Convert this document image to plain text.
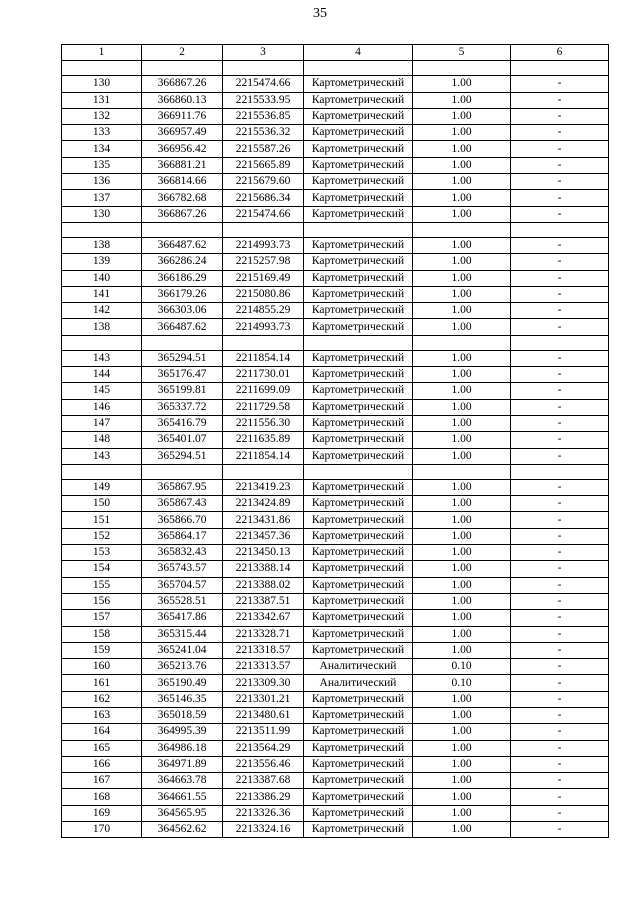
35
1	2	3	4	5	6

130	366867.26	2215474.66	Картометрический	1.00	-
131	366860.13	2215533.95	Картометрический	1.00	-
132	366911.76	2215536.85	Картометрический	1.00	-
133	366957.49	2215536.32	Картометрический	1.00	-
134	366956.42	2215587.26	Картометрический	1.00	-
135	366881.21	2215665.89	Картометрический	1.00	-
136	366814.66	2215679.60	Картометрический	1.00	-
137	366782.68	2215686.34	Картометрический	1.00	-
130	366867.26	2215474.66	Картометрический	1.00	-

138	366487.62	2214993.73	Картометрический	1.00	-
139	366286.24	2215257.98	Картометрический	1.00	-
140	366186.29	2215169.49	Картометрический	1.00	-
141	366179.26	2215080.86	Картометрический	1.00	-
142	366303.06	2214855.29	Картометрический	1.00	-
138	366487.62	2214993.73	Картометрический	1.00	-

143	365294.51	2211854.14	Картометрический	1.00	-
144	365176.47	2211730.01	Картометрический	1.00	-
145	365199.81	2211699.09	Картометрический	1.00	-
146	365337.72	2211729.58	Картометрический	1.00	-
147	365416.79	2211556.30	Картометрический	1.00	-
148	365401.07	2211635.89	Картометрический	1.00	-
143	365294.51	2211854.14	Картометрический	1.00	-

149	365867.95	2213419.23	Картометрический	1.00	-
150	365867.43	2213424.89	Картометрический	1.00	-
151	365866.70	2213431.86	Картометрический	1.00	-
152	365864.17	2213457.36	Картометрический	1.00	-
153	365832.43	2213450.13	Картометрический	1.00	-
154	365743.57	2213388.14	Картометрический	1.00	-
155	365704.57	2213388.02	Картометрический	1.00	-
156	365528.51	2213387.51	Картометрический	1.00	-
157	365417.86	2213342.67	Картометрический	1.00	-
158	365315.44	2213328.71	Картометрический	1.00	-
159	365241.04	2213318.57	Картометрический	1.00	-
160	365213.76	2213313.57	Аналитический	0.10	-
161	365190.49	2213309.30	Аналитический	0.10	-
162	365146.35	2213301.21	Картометрический	1.00	-
163	365018.59	2213480.61	Картометрический	1.00	-
164	364995.39	2213511.99	Картометрический	1.00	-
165	364986.18	2213564.29	Картометрический	1.00	-
166	364971.89	2213556.46	Картометрический	1.00	-
167	364663.78	2213387.68	Картометрический	1.00	-
168	364661.55	2213386.29	Картометрический	1.00	-
169	364565.95	2213326.36	Картометрический	1.00	-
170	364562.62	2213324.16	Картометрический	1.00	-
